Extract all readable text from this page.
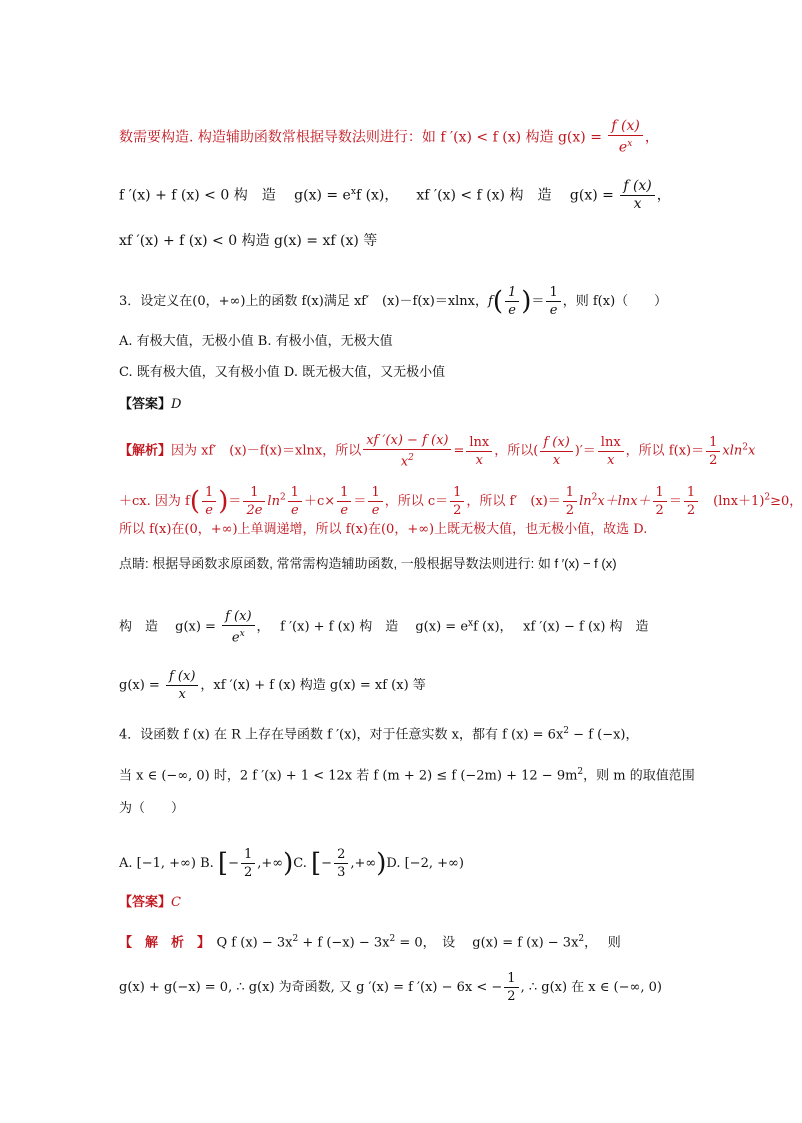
数需要构造. 构造辅助函数常根据导数法则进行：如 f ′(x) < f (x) 构造 $g(x) = \frac{f (x)}{e^x}$ ，
f ′(x) + f (x) < 0 构　造　 $g(x) = e^xf$ (x)， xf ′(x) < f (x) 构　造　 $g(x) = \frac{f (x)}{x}$ ，
xf ′(x) + f (x) < 0 构造 g(x) = xf (x) 等
3．设定义在(0，+∞)上的函数 f(x)满足 xf′　(x)－f(x)＝xlnx，$f( \frac{1}{e}$ )＝ $\frac{1}{e}$ ，则 f(x)（　　）
A. 有极大值，无极小值 B. 有极小值，无极大值
C. 既有极大值，又有极小值 D. 既无极大值，又无极小值
【答案】D
【解析】因为 xf′　(x)－f(x)＝xlnx，所以 $\frac{xf '(x) - f (x)}{x^2} = \frac{\ln x}{x}$ ，所以( $\frac{f (x)}{x}$ )′＝ $\frac{\ln x}{x}$ ，所以 $f(x)= \frac{1}{2} xln^2x$
＋cx. 因为 $f( \frac{1}{e}$ )＝ $\frac{1}{2e} \ln^2 \frac{1}{e} +c\times \frac{1}{e} = \frac{1}{e}$ ，所以 $c= \frac{1}{2}$ ，所以 f′　$(x)= \frac{1}{2} \ln^2x+\ln x+ \frac{1}{2} = \frac{1}{2}$ 　$(\ln x+1)^2\ge 0$，
所以 f(x)在(0，+∞)上单调递增，所以 f(x)在(0，+∞)上既无极大值，也无极小值，故选 D.
点睛: 根据导函数求原函数, 常常需构造辅助函数, 一般根据导数法则进行: 如 f ′(x) − f (x)
构　造　 $g(x) = \frac{f (x)}{e^x}$ ，　 f ′(x) + f (x) 构　造　 $g(x) = e^xf$ (x)，　 xf ′(x) − f (x) 构　造
$g(x) = \frac{f (x)}{x}$ ，xf ′(x) + f (x) 构造 g(x) = xf (x) 等
4．设函数 f (x) 在 R 上存在导函数 f ′(x)，对于任意实数 x，都有 f $(x) = 6x^2 - f$ (−x)，
当 x ∈ (−∞, 0) 时，2 f ′(x) + 1 < 12x 若 f (m + 2) ≤ f $(-2m) + 12 - 9m^2$，则 m 的取值范围
为（　　）
A. [−1, +∞) B. [− $\frac{1}{2} ,+\infty)C$. [− $\frac{2}{3} ,+\infty)D$. [−2, +∞)
【答案】C
【　解　析　】　Q f $(x) - 3x^2 + f$ $(-x) - 3x^2 = 0$，　设　 g(x) = f $(x) - 3x^2$，　 则
g(x) + g(−x) = 0, ∴ g(x) 为奇函数, 又 g ′(x) = f ′(x) − 6x < − $\frac{1}{2}$ , ∴ g(x) 在 x ∈ (−∞, 0)
